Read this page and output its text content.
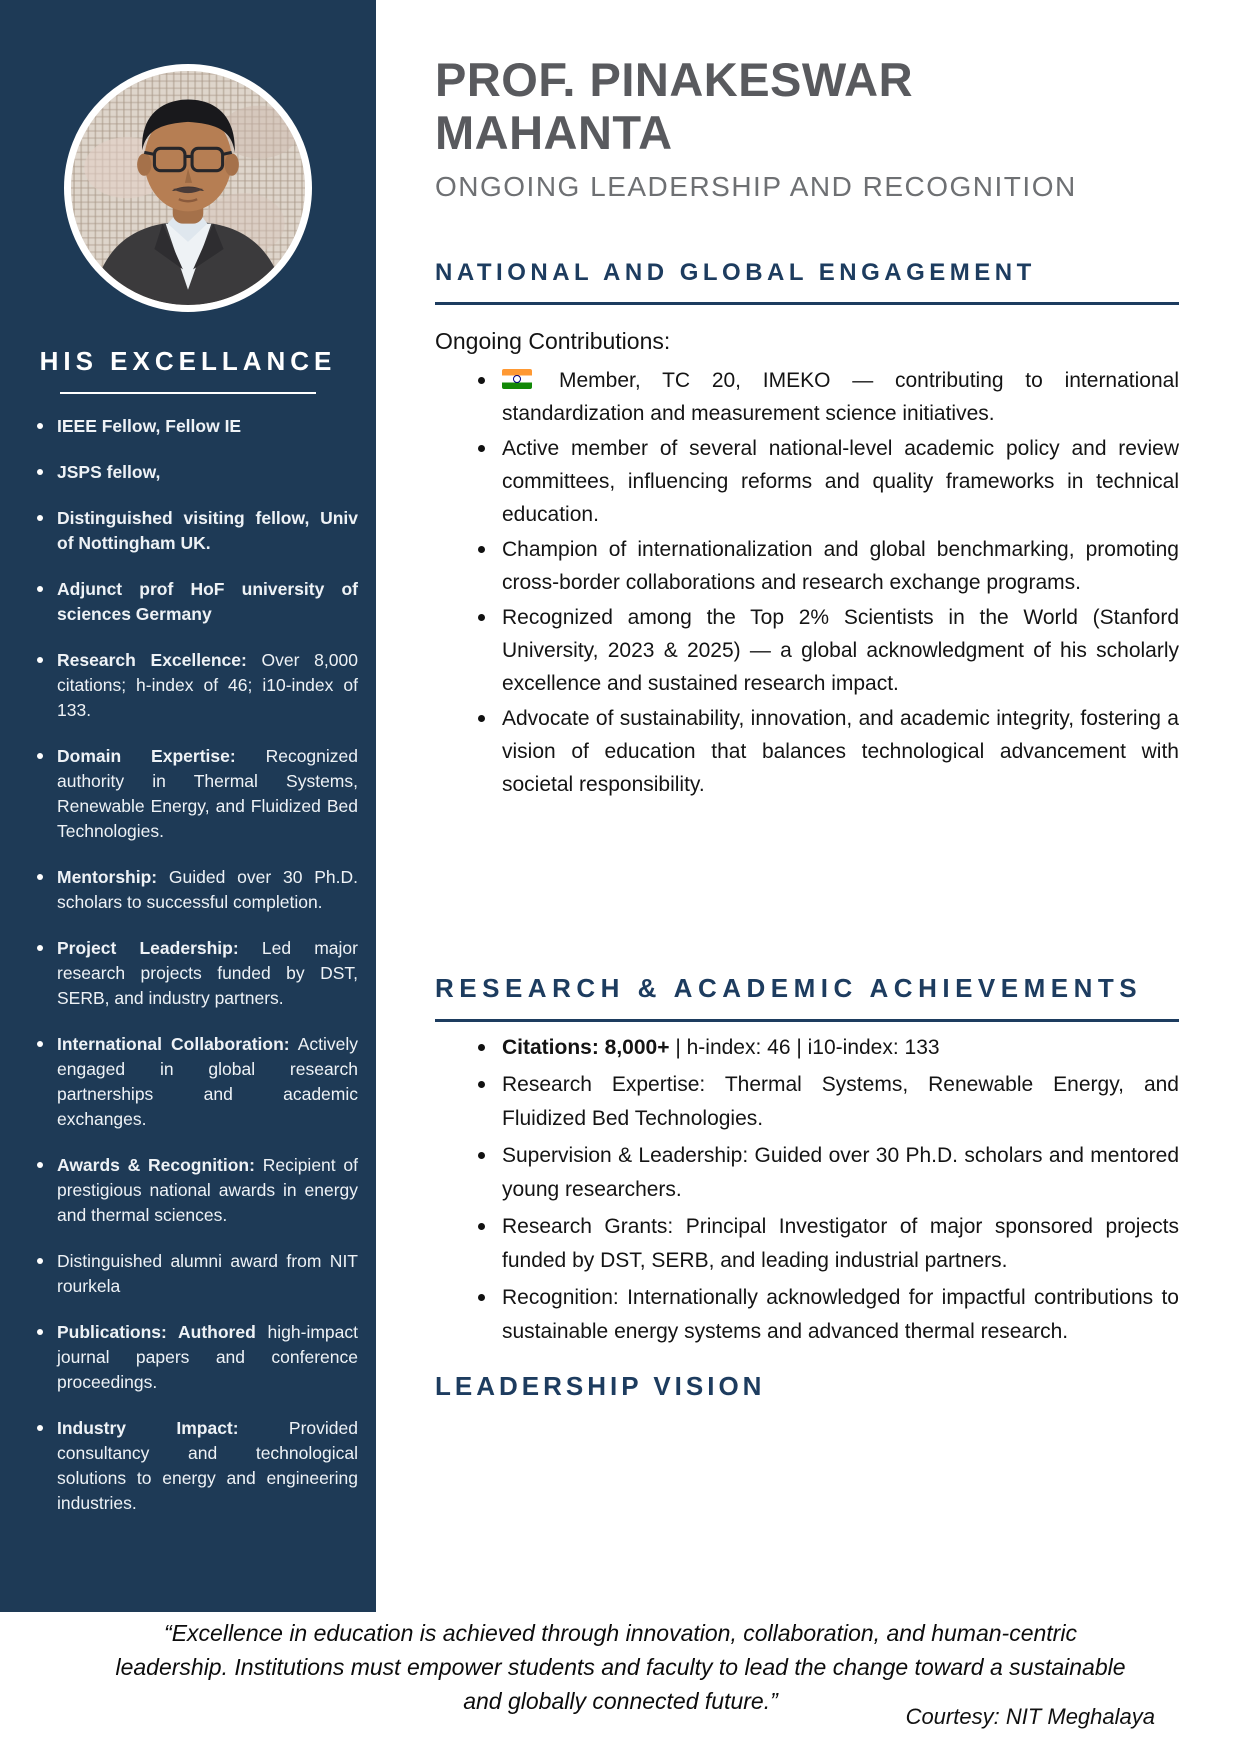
HIS EXCELLANCE
IEEE Fellow, Fellow IE
JSPS fellow,
Distinguished visiting fellow, Univ of Nottingham UK.
Adjunct prof HoF university of sciences Germany
Research Excellence: Over 8,000 citations; h-index of 46; i10-index of 133.
Domain Expertise: Recognized authority in Thermal Systems, Renewable Energy, and Fluidized Bed Technologies.
Mentorship: Guided over 30 Ph.D. scholars to successful completion.
Project Leadership: Led major research projects funded by DST, SERB, and industry partners.
International Collaboration: Actively engaged in global research partnerships and academic exchanges.
Awards & Recognition: Recipient of prestigious national awards in energy and thermal sciences.
Distinguished alumni award from NIT rourkela
Publications: Authored high-impact journal papers and conference proceedings.
Industry Impact: Provided consultancy and technological solutions to energy and engineering industries.
PROF. PINAKESWAR
MAHANTA
ONGOING LEADERSHIP AND RECOGNITION
NATIONAL AND GLOBAL ENGAGEMENT
Ongoing Contributions:
Member, TC 20, IMEKO — contributing to international standardization and measurement science initiatives.
Active member of several national-level academic policy and review committees, influencing reforms and quality frameworks in technical education.
Champion of internationalization and global benchmarking, promoting cross-border collaborations and research exchange programs.
Recognized among the Top 2% Scientists in the World (Stanford University, 2023 & 2025) — a global acknowledgment of his scholarly excellence and sustained research impact.
Advocate of sustainability, innovation, and academic integrity, fostering a vision of education that balances technological advancement with societal responsibility.
RESEARCH & ACADEMIC ACHIEVEMENTS
Citations: 8,000+ | h-index: 46 | i10-index: 133
Research Expertise: Thermal Systems, Renewable Energy, and Fluidized Bed Technologies.
Supervision & Leadership: Guided over 30 Ph.D. scholars and mentored young researchers.
Research Grants: Principal Investigator of major sponsored projects funded by DST, SERB, and leading industrial partners.
Recognition: Internationally acknowledged for impactful contributions to sustainable energy systems and advanced thermal research.
LEADERSHIP VISION
“Excellence in education is achieved through innovation, collaboration, and human-centric leadership. Institutions must empower students and faculty to lead the change toward a sustainable and globally connected future.”
Courtesy: NIT Meghalaya
